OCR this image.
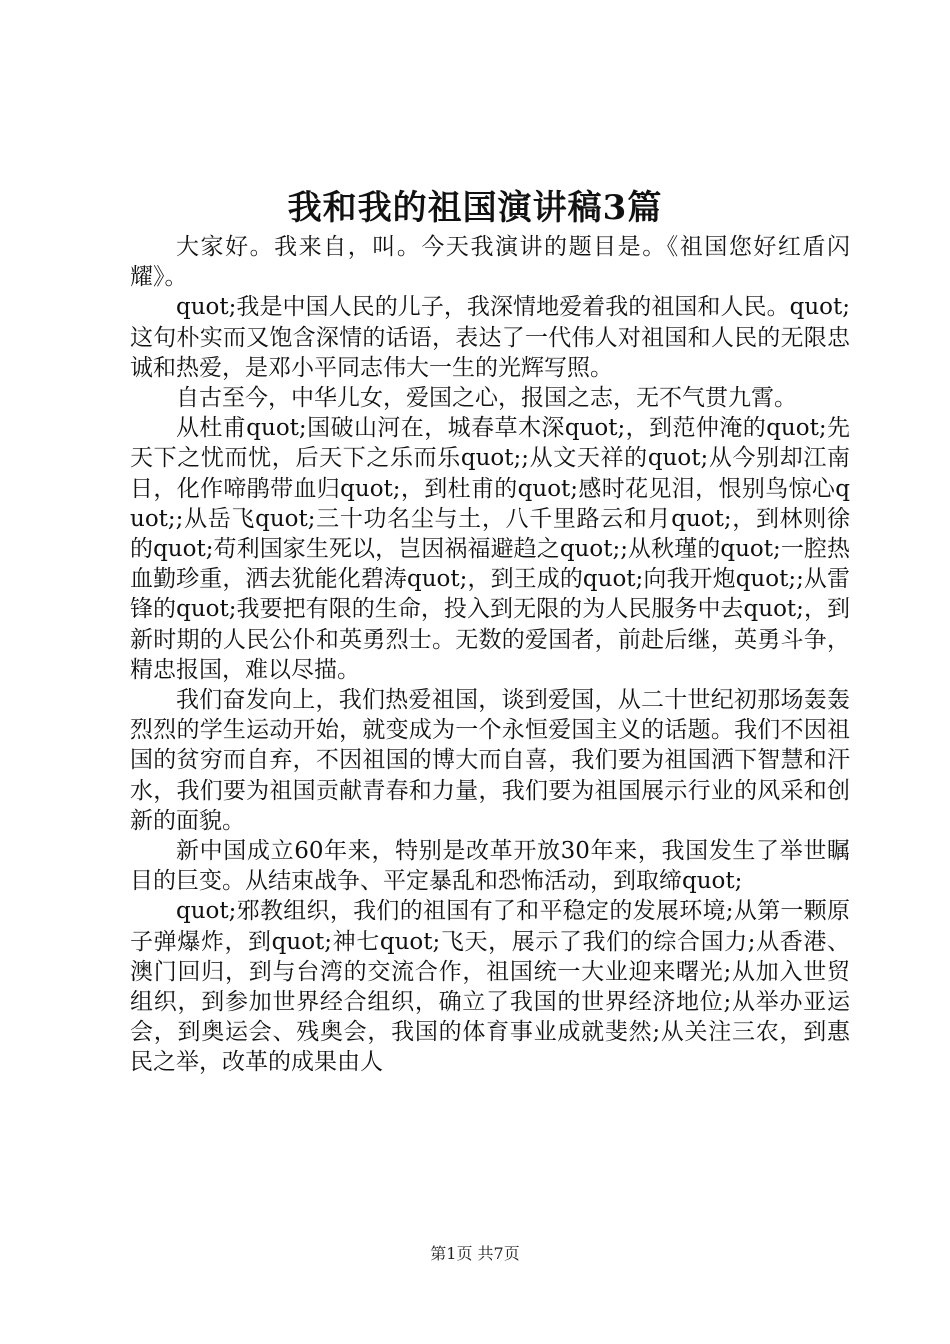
我和我的祖国演讲稿3篇

大家好。我来自，叫。今天我演讲的题目是。《祖国您好红盾闪耀》。

quot;我是中国人民的儿子，我深情地爱着我的祖国和人民。quot;这句朴实而又饱含深情的话语，表达了一代伟人对祖国和人民的无限忠诚和热爱，是邓小平同志伟大一生的光辉写照。

自古至今，中华儿女，爱国之心，报国之志，无不气贯九霄。

从杜甫quot;国破山河在，城春草木深quot;，到范仲淹的quot;先天下之忧而忧，后天下之乐而乐quot;;从文天祥的quot;从今别却江南日，化作啼鹃带血归quot;，到杜甫的quot;感时花见泪，恨别鸟惊心quot;;从岳飞quot;三十功名尘与土，八千里路云和月quot;，到林则徐的quot;苟利国家生死以，岂因祸福避趋之quot;;从秋瑾的quot;一腔热血勤珍重，洒去犹能化碧涛quot;，到王成的quot;向我开炮quot;;从雷锋的quot;我要把有限的生命，投入到无限的为人民服务中去quot;，到新时期的人民公仆和英勇烈士。无数的爱国者，前赴后继，英勇斗争，精忠报国，难以尽描。

我们奋发向上，我们热爱祖国，谈到爱国，从二十世纪初那场轰轰烈烈的学生运动开始，就变成为一个永恒爱国主义的话题。我们不因祖国的贫穷而自弃，不因祖国的博大而自喜，我们要为祖国洒下智慧和汗水，我们要为祖国贡献青春和力量，我们要为祖国展示行业的风采和创新的面貌。

新中国成立60年来，特别是改革开放30年来，我国发生了举世瞩目的巨变。从结束战争、平定暴乱和恐怖活动，到取缔quot;

quot;邪教组织，我们的祖国有了和平稳定的发展环境;从第一颗原子弹爆炸，到quot;神七quot;飞天，展示了我们的综合国力;从香港、澳门回归，到与台湾的交流合作，祖国统一大业迎来曙光;从加入世贸组织，到参加世界经合组织，确立了我国的世界经济地位;从举办亚运会，到奥运会、残奥会，我国的体育事业成就斐然;从关注三农，到惠民之举，改革的成果由人

第1页 共7页
